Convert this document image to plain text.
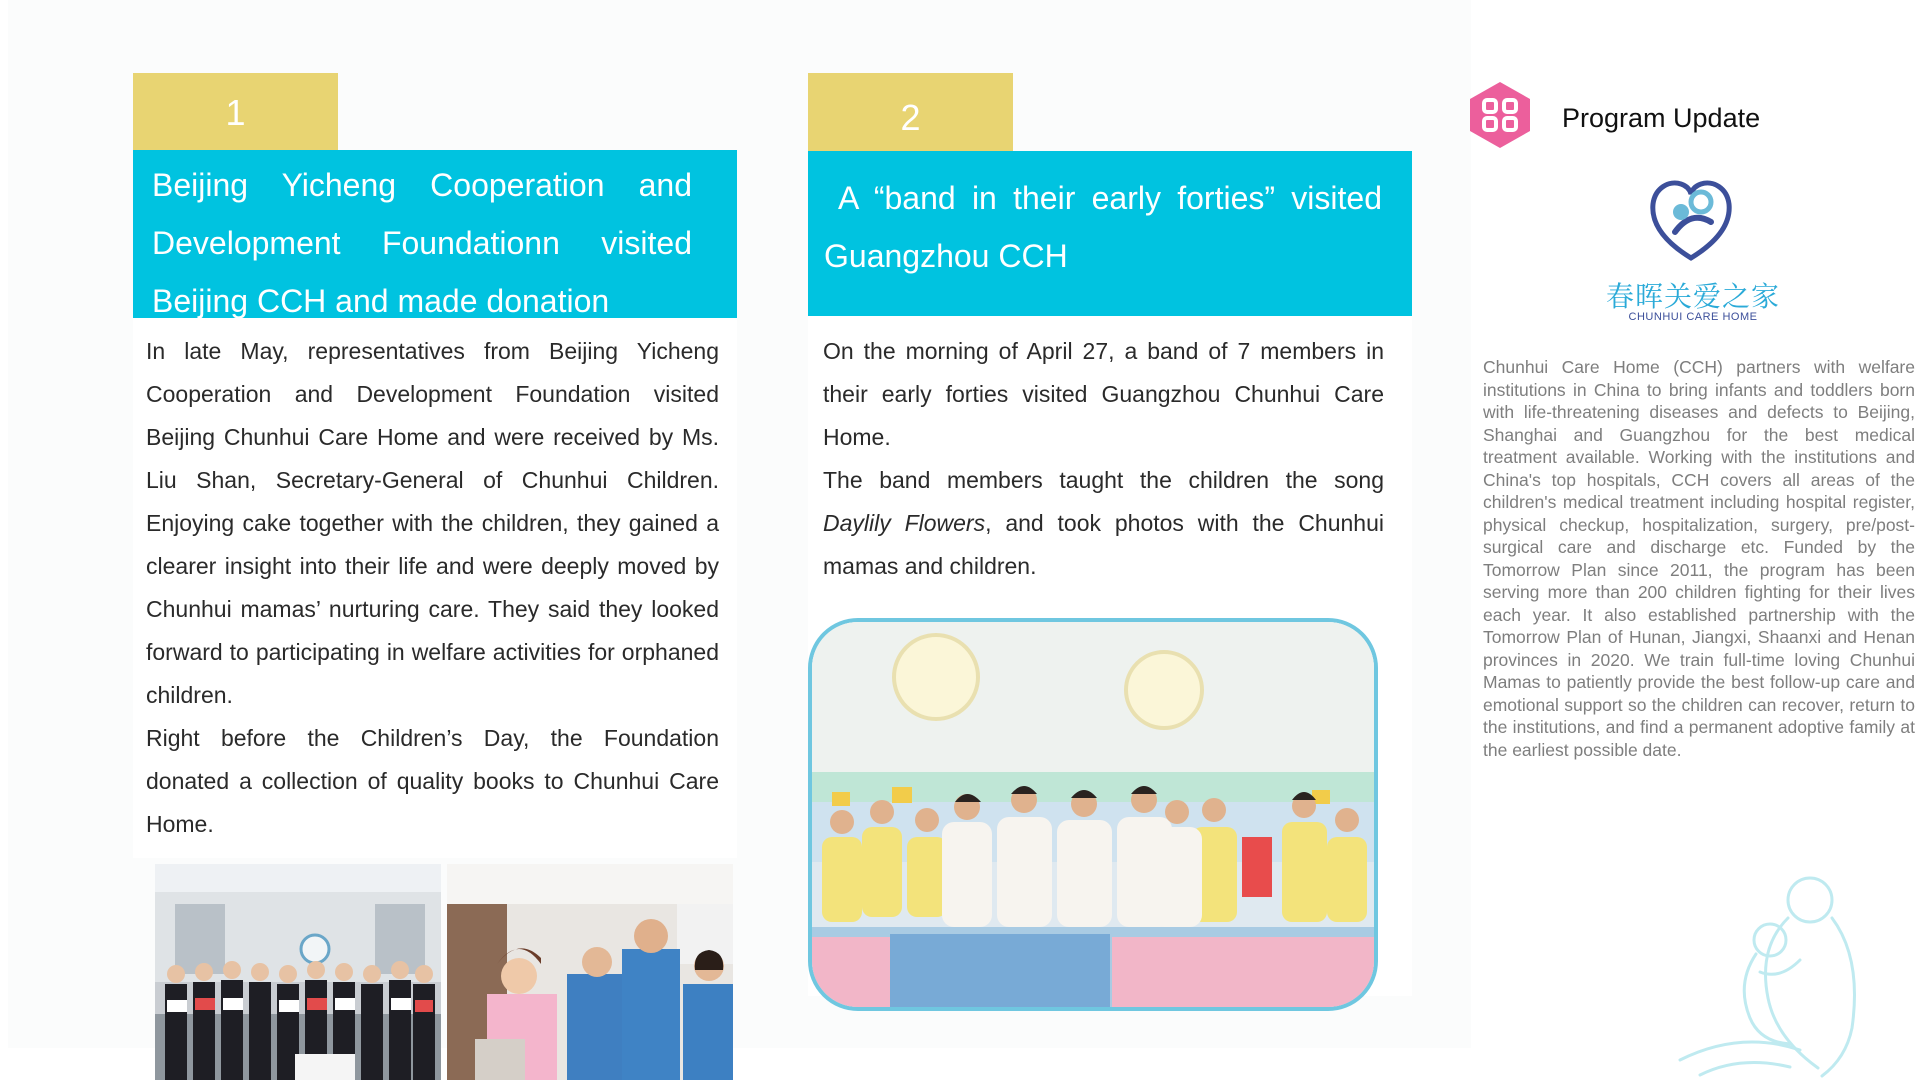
1
Beijing Yicheng Cooperation and
Development Foundationn visited
Beijing CCH and made donation

In late May, representatives from Beijing Yicheng Cooperation and Development Foundation visited Beijing Chunhui Care Home and were received by Ms. Liu Shan, Secretary-General of Chunhui Children. Enjoying cake together with the children, they gained a clearer insight into their life and were deeply moved by Chunhui mamas’ nurturing care. They said they looked forward to participating in welfare activities for orphaned children.

Right before the Children’s Day, the Foundation donated a collection of quality books to Chunhui Care Home.

2
A “band in their early forties” visited
Guangzhou CCH

On the morning of April 27, a band of 7 members in their early forties visited Guangzhou Chunhui Care Home.

The band members taught the children the song Daylily Flowers, and took photos with the Chunhui mamas and children.

Program Update
春晖关爱之家
CHUNHUI CARE HOME
Chunhui Care Home (CCH) partners with welfare institutions in China to bring infants and toddlers born with life-threatening diseases and defects to Beijing, Shanghai and Guangzhou for the best medical treatment available. Working with the institutions and China's top hospitals, CCH covers all areas of the children's medical treatment including hospital register, physical checkup, hospitalization, surgery, pre/post-surgical care and discharge etc. Funded by the Tomorrow Plan since 2011, the program has been serving more than 200 children fighting for their lives each year. It also established partnership with the Tomorrow Plan of Hunan, Jiangxi, Shaanxi and Henan provinces in 2020. We train full-time loving Chunhui Mamas to patiently provide the best follow-up care and emotional support so the children can recover, return to the institutions, and find a permanent adoptive family at the earliest possible date.
